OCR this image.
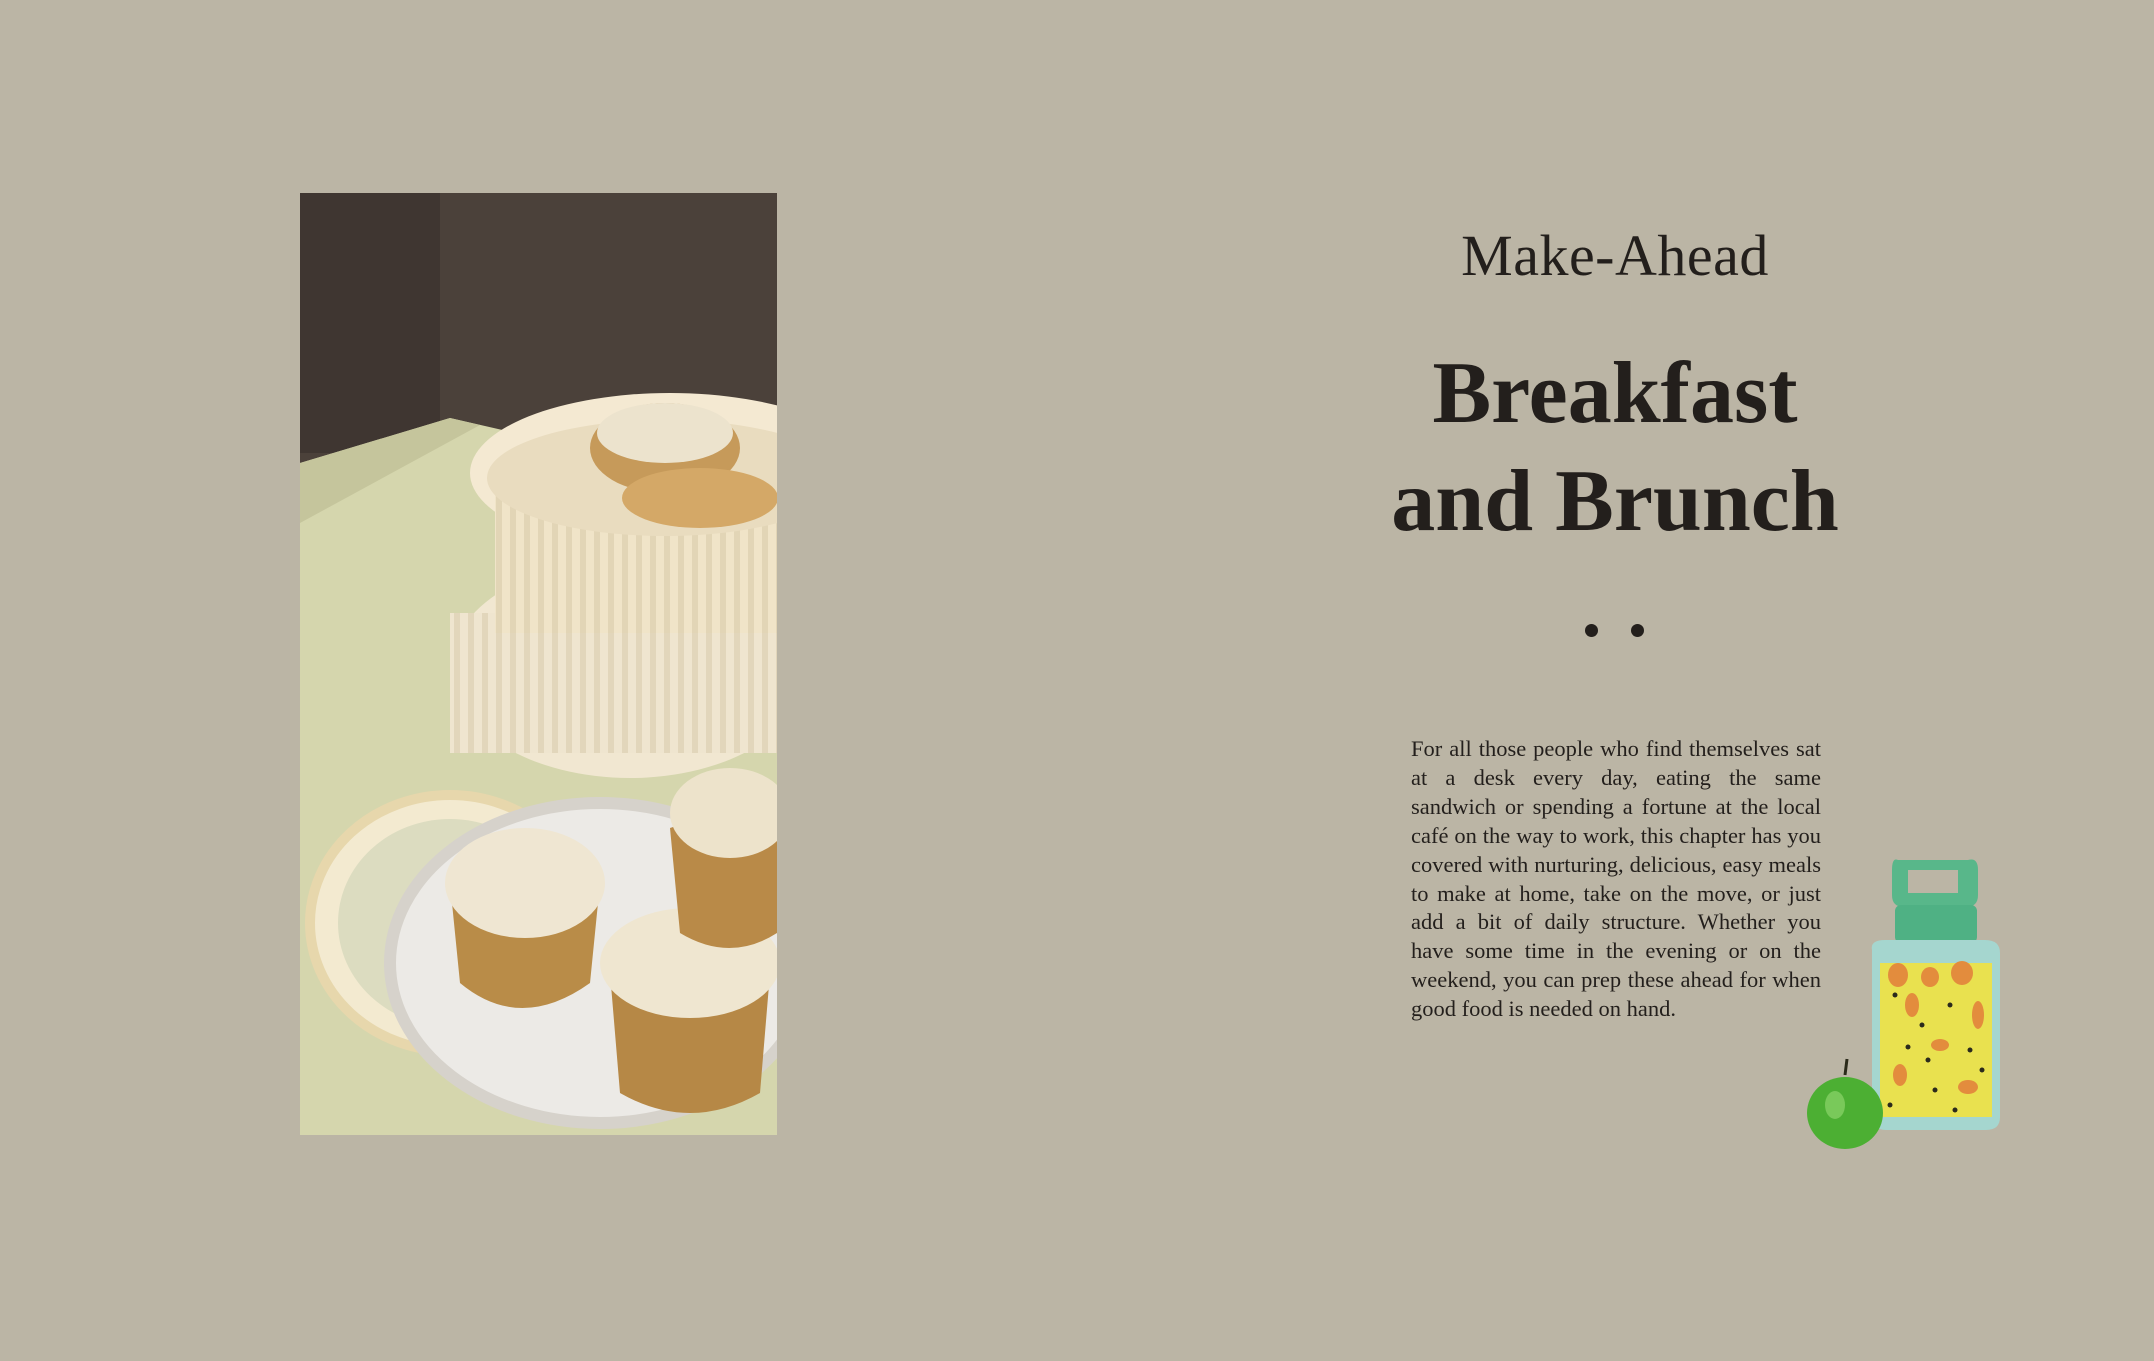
Make-Ahead
Breakfast
and Brunch

For all those people who find themselves sat at a desk every day, eating the same sandwich or spending a fortune at the local café on the way to work, this chapter has you covered with nurturing, delicious, easy meals to make at home, take on the move, or just add a bit of daily structure. Whether you have some time in the evening or on the weekend, you can prep these ahead for when good food is needed on hand.
